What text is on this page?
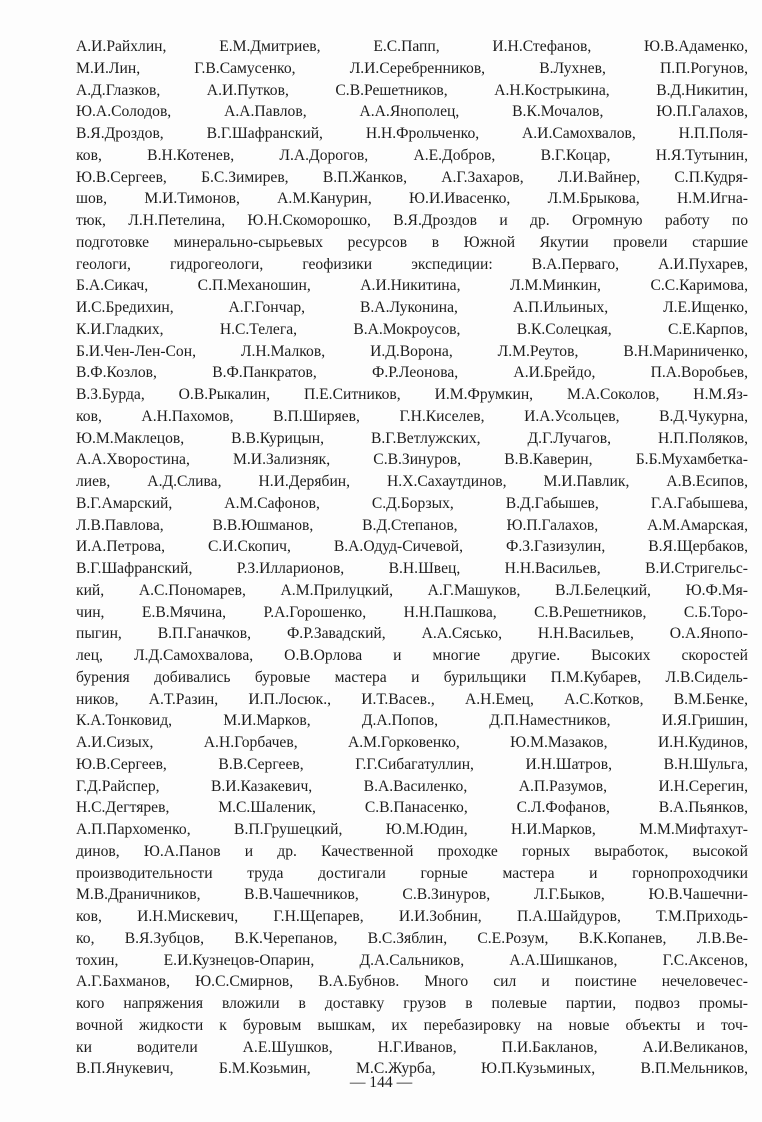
А.И.Райхлин, Е.М.Дмитриев, Е.С.Папп, И.Н.Стефанов, Ю.В.Адаменко,
М.И.Лин, Г.В.Самусенко, Л.И.Серебренников, В.Лухнев, П.П.Рогунов,
А.Д.Глазков, А.И.Путков, С.В.Решетников, А.Н.Кострыкина, В.Д.Никитин,
Ю.А.Солодов, А.А.Павлов, А.А.Янополец, В.К.Мочалов, Ю.П.Галахов,
В.Я.Дроздов, В.Г.Шафранский, Н.Н.Фрольченко, А.И.Самохвалов, Н.П.Поля-
ков, В.Н.Котенев, Л.А.Дорогов, А.Е.Добров, В.Г.Коцар, Н.Я.Тутынин,
Ю.В.Сергеев, Б.С.Зимирев, В.П.Жанков, А.Г.Захаров, Л.И.Вайнер, С.П.Кудря-
шов, М.И.Тимонов, А.М.Канурин, Ю.И.Ивасенко, Л.М.Брыкова, Н.М.Игна-
тюк, Л.Н.Петелина, Ю.Н.Скоморошко, В.Я.Дроздов и др. Огромную работу по
подготовке минерально-сырьевых ресурсов в Южной Якутии провели старшие
геологи, гидрогеологи, геофизики экспедиции: В.А.Перваго, А.И.Пухарев,
Б.А.Сикач, С.П.Механошин, А.И.Никитина, Л.М.Минкин, С.С.Каримова,
И.С.Бредихин, А.Г.Гончар, В.А.Луконина, А.П.Ильиных, Л.Е.Ищенко,
К.И.Гладких, Н.С.Телега, В.А.Мокроусов, В.К.Солецкая, С.Е.Карпов,
Б.И.Чен-Лен-Сон, Л.Н.Малков, И.Д.Ворона, Л.М.Реутов, В.Н.Мариниченко,
В.Ф.Козлов, В.Ф.Панкратов, Ф.Р.Леонова, А.И.Брейдо, П.А.Воробьев,
В.З.Бурда, О.В.Рыкалин, П.Е.Ситников, И.М.Фрумкин, М.А.Соколов, Н.М.Яз-
ков, А.Н.Пахомов, В.П.Ширяев, Г.Н.Киселев, И.А.Усольцев, В.Д.Чукурна,
Ю.М.Маклецов, В.В.Курицын, В.Г.Ветлужских, Д.Г.Лучагов, Н.П.Поляков,
А.А.Хворостина, М.И.Зализняк, С.В.Зинуров, В.В.Каверин, Б.Б.Мухамбетка-
лиев, А.Д.Слива, Н.И.Дерябин, Н.Х.Сахаутдинов, М.И.Павлик, А.В.Есипов,
В.Г.Амарский, А.М.Сафонов, С.Д.Борзых, В.Д.Габышев, Г.А.Габышева,
Л.В.Павлова, В.В.Юшманов, В.Д.Степанов, Ю.П.Галахов, А.М.Амарская,
И.А.Петрова, С.И.Скопич, В.А.Одуд-Сичевой, Ф.З.Газизулин, В.Я.Щербаков,
В.Г.Шафранский, Р.З.Илларионов, В.Н.Швец, Н.Н.Васильев, В.И.Стригельс-
кий, А.С.Пономарев, А.М.Прилуцкий, А.Г.Машуков, В.Л.Белецкий, Ю.Ф.Мя-
чин, Е.В.Мячина, Р.А.Горошенко, Н.Н.Пашкова, С.В.Решетников, С.Б.Торо-
пыгин, В.П.Ганачков, Ф.Р.Завадский, А.А.Сясько, Н.Н.Васильев, О.А.Янопо-
лец, Л.Д.Самохвалова, О.В.Орлова и многие другие. Высоких скоростей
бурения добивались буровые мастера и бурильщики П.М.Кубарев, Л.В.Сидель-
ников, А.Т.Разин, И.П.Лосюк., И.Т.Васев., А.Н.Емец, А.С.Котков, В.М.Бенке,
К.А.Тонковид, М.И.Марков, Д.А.Попов, Д.П.Наместников, И.Я.Гришин,
А.И.Сизых, А.Н.Горбачев, А.М.Горковенко, Ю.М.Мазаков, И.Н.Кудинов,
Ю.В.Сергеев, В.В.Сергеев, Г.Г.Сибагатуллин, И.Н.Шатров, В.Н.Шульга,
Г.Д.Райспер, В.И.Казакевич, В.А.Василенко, А.П.Разумов, И.Н.Серегин,
Н.С.Дегтярев, М.С.Шаленик, С.В.Панасенко, С.Л.Фофанов, В.А.Пьянков,
А.П.Пархоменко, В.П.Грушецкий, Ю.М.Юдин, Н.И.Марков, М.М.Мифтахут-
динов, Ю.А.Панов и др. Качественной проходке горных выработок, высокой
производительности труда достигали горные мастера и горнопроходчики
М.В.Драничников, В.В.Чашечников, С.В.Зинуров, Л.Г.Быков, Ю.В.Чашечни-
ков, И.Н.Мискевич, Г.Н.Щепарев, И.И.Зобнин, П.А.Шайдуров, Т.М.Приходь-
ко, В.Я.Зубцов, В.К.Черепанов, В.С.Зяблин, С.Е.Розум, В.К.Копанев, Л.В.Ве-
тохин, Е.И.Кузнецов-Опарин, Д.А.Сальников, А.А.Шишканов, Г.С.Аксенов,
А.Г.Бахманов, Ю.С.Смирнов, В.А.Бубнов. Много сил и поистине нечеловечес-
кого напряжения вложили в доставку грузов в полевые партии, подвоз промы-
вочной жидкости к буровым вышкам, их перебазировку на новые объекты и точ-
ки водители А.Е.Шушков, Н.Г.Иванов, П.И.Бакланов, А.И.Великанов,
В.П.Янукевич, Б.М.Козьмин, М.С.Журба, Ю.П.Кузьминых, В.П.Мельников,
— 144 —
